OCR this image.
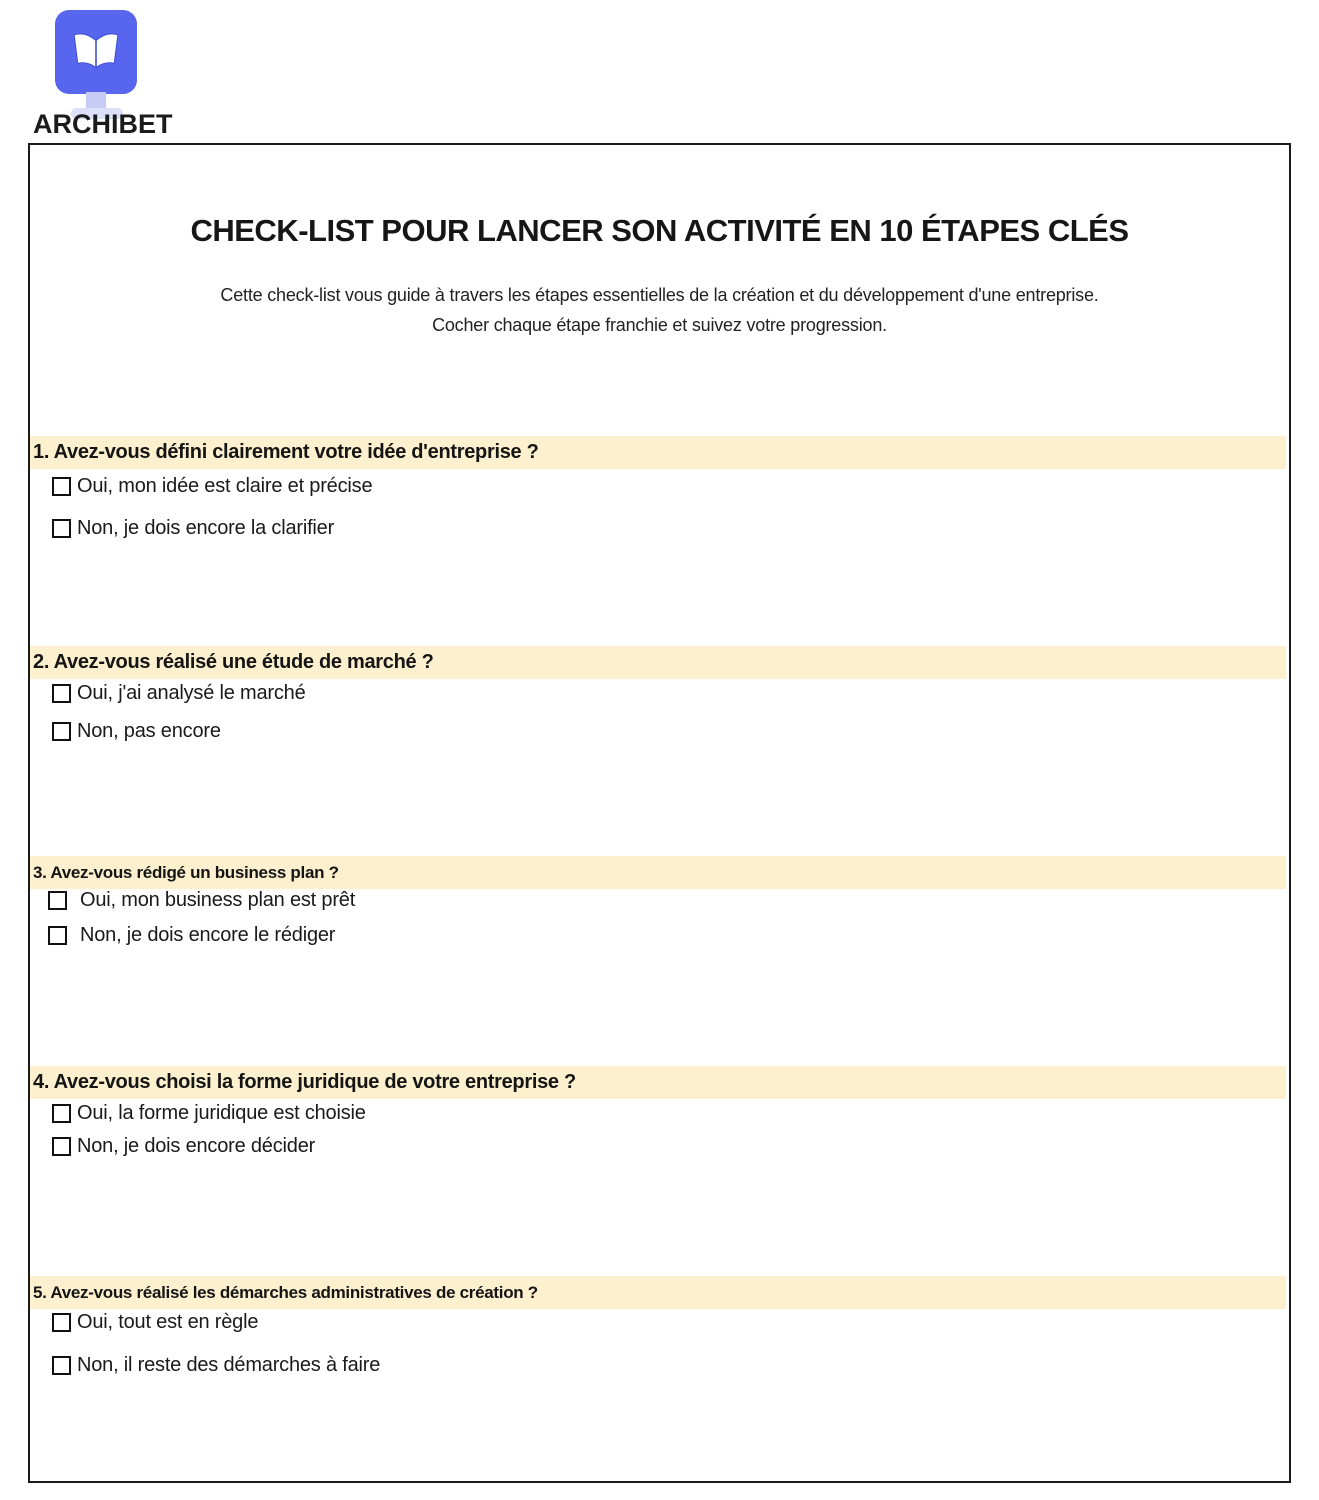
ARCHIBET
CHECK-LIST POUR LANCER SON ACTIVITÉ EN 10 ÉTAPES CLÉS

Cette check-list vous guide à travers les étapes essentielles de la création et du développement d'une entreprise.

Cocher chaque étape franchie et suivez votre progression.

1. Avez-vous défini clairement votre idée d'entreprise ?
Oui, mon idée est claire et précise
Non, je dois encore la clarifier
2. Avez-vous réalisé une étude de marché ?
Oui, j'ai analysé le marché
Non, pas encore
3. Avez-vous rédigé un business plan ?
Oui, mon business plan est prêt
Non, je dois encore le rédiger
4. Avez-vous choisi la forme juridique de votre entreprise ?
Oui, la forme juridique est choisie
Non, je dois encore décider
5. Avez-vous réalisé les démarches administratives de création ?
Oui, tout est en règle
Non, il reste des démarches à faire
